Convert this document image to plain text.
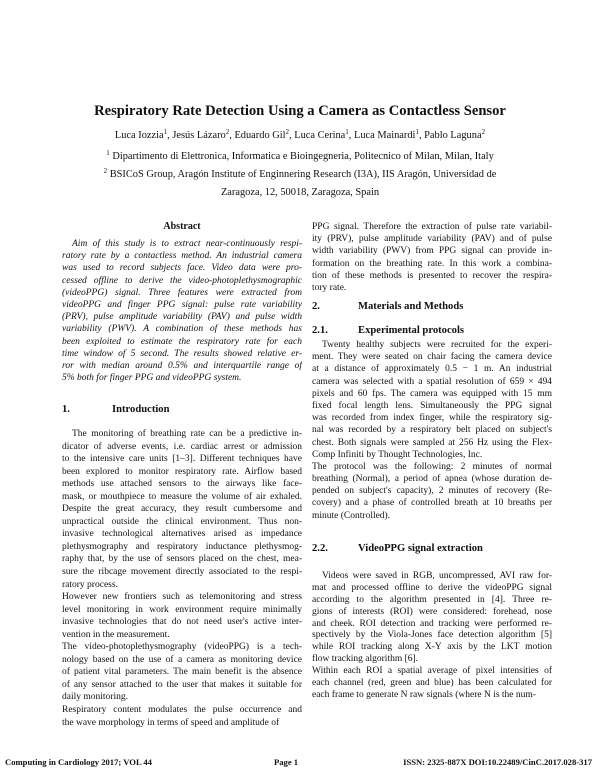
Respiratory Rate Detection Using a Camera as Contactless Sensor
Luca Iozzia$^1$, Jesús Lázaro$^2$, Eduardo Gil$^2$, Luca Cerina$^1$, Luca Mainardi$^1$, Pablo Laguna$^2$
$^1$ Dipartimento di Elettronica, Informatica e Bioingegneria, Politecnico of Milan, Milan, Italy
$^2$ BSICoS Group, Aragón Institute of Enginnering Research (I3A), IIS Aragón, Universidad de
Zaragoza, 12, 50018, Zaragoza, Spain
Abstract
Aim of this study is to extract near-continuously respi-
ratory rate by a contactless method. An industrial camera
was used to record subjects face. Video data were pro-
cessed offline to derive the video-photoplethysmographic
(videoPPG) signal. Three features were extracted from
videoPPG and finger PPG signal: pulse rate variability
(PRV), pulse amplitude variability (PAV) and pulse width
variability (PWV). A combination of these methods has
been exploited to estimate the respiratory rate for each
time window of 5 second. The results showed relative er-
ror with median around 0.5% and interquartile range of
5% both for finger PPG and videoPPG system.
1.	Introduction
The monitoring of breathing rate can be a predictive in-
dicator of adverse events, i.e. cardiac arrest or admission
to the intensive care units [1–3]. Different techniques have
been explored to monitor respiratory rate. Airflow based
methods use attached sensors to the airways like face-
mask, or mouthpiece to measure the volume of air exhaled.
Despite the great accuracy, they result cumbersome and
unpractical outside the clinical environment. Thus non-
invasive technological alternatives arised as impedance
plethysmography and respiratory inductance plethysmog-
raphy that, by the use of sensors placed on the chest, mea-
sure the ribcage movement directly associated to the respi-
ratory process.
However new frontiers such as telemonitoring and stress
level monitoring in work environment require minimally
invasive technologies that do not need user's active inter-
vention in the measurement.
The video-photoplethysmography (videoPPG) is a tech-
nology based on the use of a camera as monitoring device
of patient vital parameters. The main benefit is the absence
of any sensor attached to the user that makes it suitable for
daily monitoring.
Respiratory content modulates the pulse occurrence and
the wave morphology in terms of speed and amplitude of
PPG signal. Therefore the extraction of pulse rate variabil-
ity (PRV), pulse amplitude variability (PAV) and of pulse
width variability (PWV) from PPG signal can provide in-
formation on the breathing rate. In this work a combina-
tion of these methods is presented to recover the respira-
tory rate.
2.	Materials and Methods
2.1.	Experimental protocols
Twenty healthy subjects were recruited for the experi-
ment. They were seated on chair facing the camera device
at a distance of approximately 0.5 − 1 m. An industrial
camera was selected with a spatial resolution of 659 × 494
pixels and 60 fps. The camera was equipped with 15 mm
fixed focal length lens. Simultaneously the PPG signal
was recorded from index finger, while the respiratory sig-
nal was recorded by a respiratory belt placed on subject's
chest. Both signals were sampled at 256 Hz using the Flex-
Comp Infiniti by Thought Technologies, Inc.
The protocol was the following: 2 minutes of normal
breathing (Normal), a period of apnea (whose duration de-
pended on subject's capacity), 2 minutes of recovery (Re-
covery) and a phase of controlled breath at 10 breaths per
minute (Controlled).
2.2.	VideoPPG signal extraction
Videos were saved in RGB, uncompressed, AVI raw for-
mat and processed offline to derive the videoPPG signal
according to the algorithm presented in [4]. Three re-
gions of interests (ROI) were considered: forehead, nose
and cheek. ROI detection and tracking were performed re-
spectively by the Viola-Jones face detection algorithm [5]
while ROI tracking along X-Y axis by the LKT motion
flow tracking algorithm [6].
Within each ROI a spatial average of pixel intensities of
each channel (red, green and blue) has been calculated for
each frame to generate N raw signals (where N is the num-
Computing in Cardiology 2017; VOL 44	Page 1	ISSN: 2325-887X DOI:10.22489/CinC.2017.028-317
